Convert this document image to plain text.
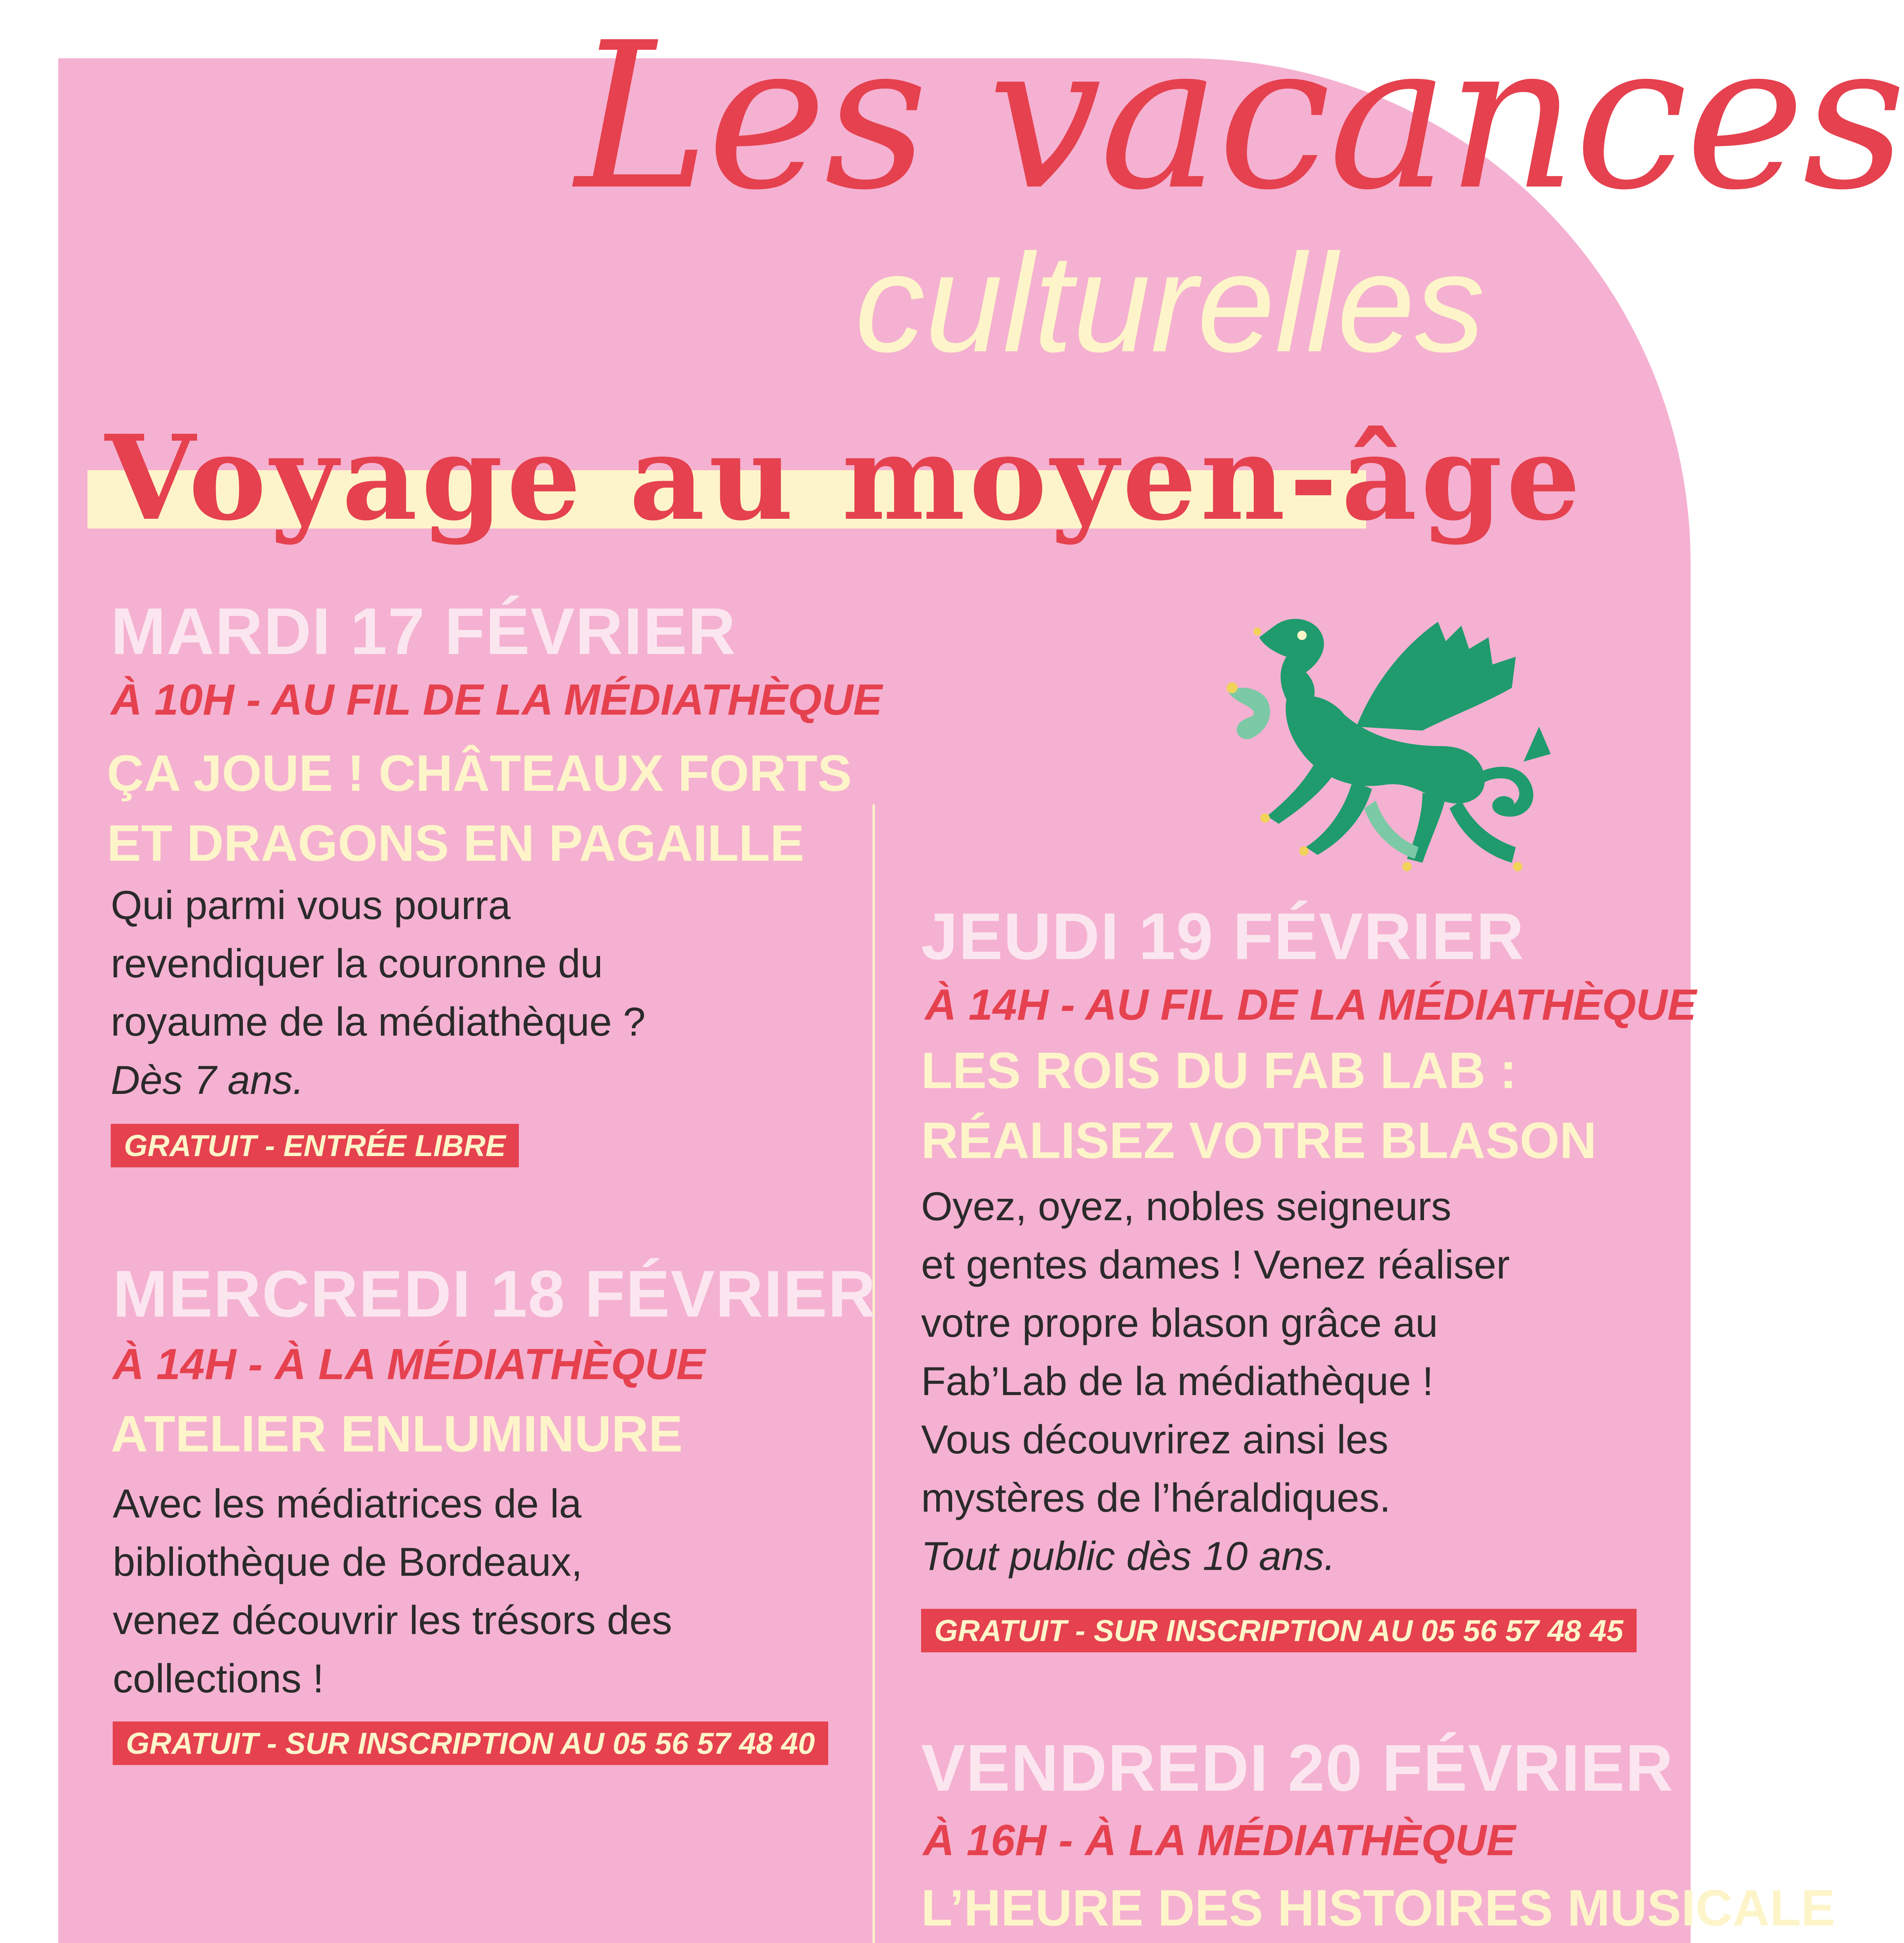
Les vacances
culturelles
Voyage au moyen-âge
MARDI 17 FÉVRIER
À 10H - AU FIL DE LA MÉDIATHÈQUE
ÇA JOUE ! CHÂTEAUX FORTS
ET DRAGONS EN PAGAILLE
Qui parmi vous pourra
revendiquer la couronne du
royaume de la médiathèque ?
Dès 7 ans.
GRATUIT - ENTRÉE LIBRE
MERCREDI 18 FÉVRIER
À 14H - À LA MÉDIATHÈQUE
ATELIER ENLUMINURE
Avec les médiatrices de la
bibliothèque de Bordeaux,
venez découvrir les trésors des
collections !
GRATUIT - SUR INSCRIPTION AU 05 56 57 48 40
JEUDI 19 FÉVRIER
À 14H - AU FIL DE LA MÉDIATHÈQUE
LES ROIS DU FAB LAB :
RÉALISEZ VOTRE BLASON
Oyez, oyez, nobles seigneurs
et gentes dames ! Venez réaliser
votre propre blason grâce au
Fab’Lab de la médiathèque !
Vous découvrirez ainsi les
mystères de l’héraldiques.
Tout public dès 10 ans.
GRATUIT - SUR INSCRIPTION AU 05 56 57 48 45
VENDREDI 20 FÉVRIER
À 16H - À LA MÉDIATHÈQUE
L’HEURE DES HISTOIRES MUSICALE
